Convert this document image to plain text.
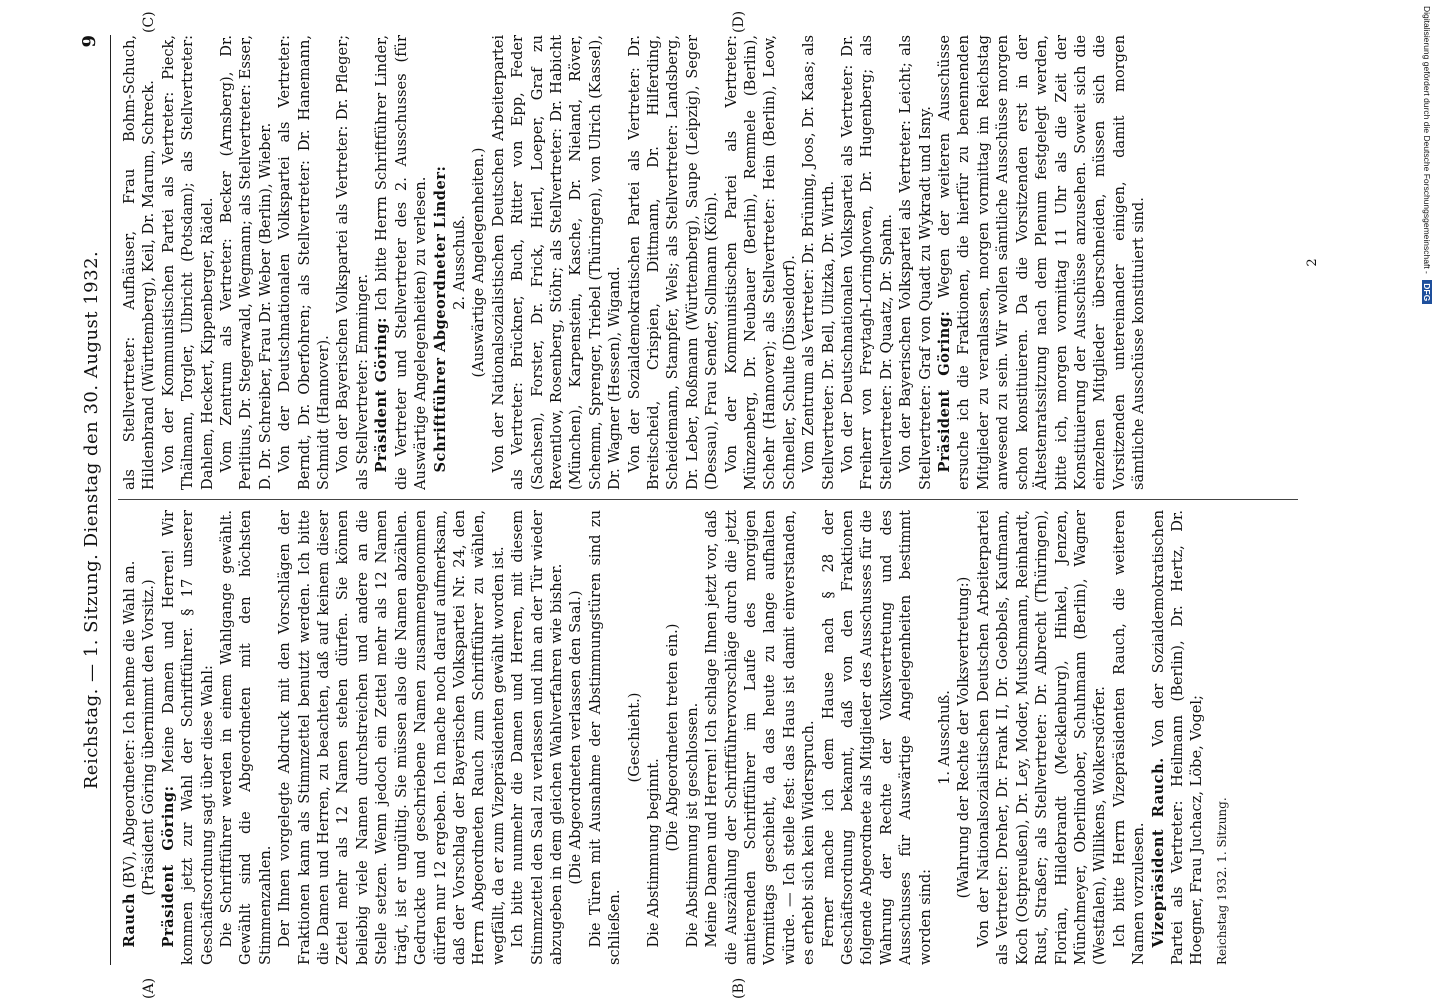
Reichstag. — 1. Sitzung. Dienstag den 30. August 1932.
9
(A)	(B)
(C)	(D)

Rauch (BV), Abgeordneter: Ich nehme die Wahl an. (Präsident Göring übernimmt den Vorsitz.) Präsident Göring: Meine Damen und Herren! Wir kommen jetzt zur Wahl der Schriftführer. § 17 unserer Geschäftsordnung sagt über diese Wahl: Die Schriftführer werden in einem Wahlgange gewählt. Gewählt sind die Abgeordneten mit den höchsten Stimmenzahlen. Der Ihnen vorgelegte Abdruck mit den Vorschlägen der Fraktionen kann als Stimmzettel benutzt werden. Ich bitte die Damen und Herren, zu beachten, daß auf keinem dieser Zettel mehr als 12 Namen stehen dürfen. Sie können beliebig viele Namen durchstreichen und andere an die Stelle setzen. Wenn jedoch ein Zettel mehr als 12 Namen trägt, ist er ungültig. Sie müssen also die Namen abzählen. Gedruckte und geschriebene Namen zusammengenommen dürfen nur 12 ergeben. Ich mache noch darauf aufmerksam, daß der Vorschlag der Bayerischen Volkspartei Nr. 24, den Herrn Abgeordneten Rauch zum Schriftführer zu wählen, wegfällt, da er zum Vizepräsidenten gewählt worden ist. Ich bitte nunmehr die Damen und Herren, mit diesem Stimmzettel den Saal zu verlassen und ihn an der Tür wieder abzugeben in dem gleichen Wahlverfahren wie bisher. (Die Abgeordneten verlassen den Saal.) Die Türen mit Ausnahme der Abstimmungstüren sind zu schließen.

(Geschieht.)

Die Abstimmung beginnt.

(Die Abgeordneten treten ein.) Die Abstimmung ist geschlossen. Meine Damen und Herren! Ich schlage Ihnen jetzt vor, daß die Auszählung der Schriftführervorschläge durch die jetzt amtierenden Schriftführer im Laufe des morgigen Vormittags geschieht, da das heute zu lange aufhalten würde. — Ich stelle fest: das Haus ist damit einverstanden, es erhebt sich kein Widerspruch. Ferner mache ich dem Hause nach § 28 der Geschäftsordnung bekannt, daß von den Fraktionen folgende Abgeordnete als Mitglieder des Ausschusses für die Wahrung der Rechte der Volksvertretung und des Ausschusses für Auswärtige Angelegenheiten bestimmt worden sind:

1. Ausschuß. (Wahrung der Rechte der Volksvertretung:) Von der Nationalsozialistischen Deutschen Arbeiterpartei als Vertreter: Dreher, Dr. Frank II, Dr. Goebbels, Kaufmann, Koch (Ostpreußen), Dr. Ley, Moder, Mutschmann, Reinhardt, Rust, Straßer; als Stellvertreter: Dr. Albrecht (Thüringen), Florian, Hildebrandt (Mecklenburg), Hinkel, Jenzen, Münchmeyer, Oberlindober, Schuhmann (Berlin), Wagner (Westfalen), Willikens, Wolkersdörfer. Ich bitte Herrn Vizepräsidenten Rauch, die weiteren Namen vorzulesen. Vizepräsident Rauch. Von der Sozialdemokratischen Partei als Vertreter: Heilmann (Berlin), Dr. Hertz, Dr. Hoegner, Frau Juchacz, Löbe, Vogel; Reichstag 1932. 1. Sitzung.

als Stellvertreter: Aufhäuser, Frau Bohm-Schuch, Hildenbrand (Württemberg), Keil, Dr. Marum, Schreck. Von der Kommunistischen Partei als Vertreter: Pieck, Thälmann, Torgler, Ulbricht (Potsdam); als Stellvertreter: Dahlem, Heckert, Kippenberger, Rädel. Vom Zentrum als Vertreter: Becker (Arnsberg), Dr. Perlitius, Dr. Stegerwald, Wegmann; als Stellvertreter: Esser, D. Dr. Schreiber, Frau Dr. Weber (Berlin), Wieber. Von der Deutschnationalen Volkspartei als Vertreter: Berndt, Dr. Oberfohren; als Stellvertreter: Dr. Hanemann, Schmidt (Hannover). Von der Bayerischen Volkspartei als Vertreter: Dr. Pfleger; als Stellvertreter: Emminger. Präsident Göring: Ich bitte Herrn Schriftführer Linder, die Vertreter und Stellvertreter des 2. Ausschusses (für Auswärtige Angelegenheiten) zu verlesen. Schriftführer Abgeordneter Linder: 2. Ausschuß. (Auswärtige Angelegenheiten.) Von der Nationalsozialistischen Deutschen Arbeiterpartei als Vertreter: Brückner, Buch, Ritter von Epp, Feder (Sachsen), Forster, Dr. Frick, Hierl, Loeper, Graf zu Reventlow, Rosenberg, Stöhr; als Stellvertreter: Dr. Habicht (München), Karpenstein, Kasche, Dr. Nieland, Röver, Schemm, Sprenger, Triebel (Thüringen), von Ulrich (Kassel), Dr. Wagner (Hessen), Wigand. Von der Sozialdemokratischen Partei als Vertreter: Dr. Breitscheid, Crispien, Dittmann, Dr. Hilferding, Scheidemann, Stampfer, Wels; als Stellvertreter: Landsberg, Dr. Leber, Roßmann (Württemberg), Saupe (Leipzig), Seger (Dessau), Frau Sender, Sollmann (Köln). Von der Kommunistischen Partei als Vertreter: Münzenberg, Dr. Neubauer (Berlin), Remmele (Berlin), Schehr (Hannover); als Stellvertreter: Hein (Berlin), Leow, Schneller, Schulte (Düsseldorf). Vom Zentrum als Vertreter: Dr. Brüning, Joos, Dr. Kaas; als Stellvertreter: Dr. Bell, Ulitzka, Dr. Wirth. Von der Deutschnationalen Volkspartei als Vertreter: Dr. Freiherr von Freytagh-Loringhoven, Dr. Hugenberg; als Stellvertreter: Dr. Quaatz, Dr. Spahn. Von der Bayerischen Volkspartei als Vertreter: Leicht; als Stellvertreter: Graf von Quadt zu Wykradt und Isny. Präsident Göring: Wegen der weiteren Ausschüsse ersuche ich die Fraktionen, die hierfür zu benennenden Mitglieder zu veranlassen, morgen vormittag im Reichstag anwesend zu sein. Wir wollen sämtliche Ausschüsse morgen schon konstituieren. Da die Vorsitzenden erst in der Ältestenratssitzung nach dem Plenum festgelegt werden, bitte ich, morgen vormittag 11 Uhr als die Zeit der Konstituierung der Ausschüsse anzusehen. Soweit sich die einzelnen Mitglieder überschneiden, müssen sich die Vorsitzenden untereinander einigen, damit morgen sämtliche Ausschüsse konstituiert sind.	2	Digitalisierung gefördert durch die Deutsche Forschungsgemeinschaft - DFG
